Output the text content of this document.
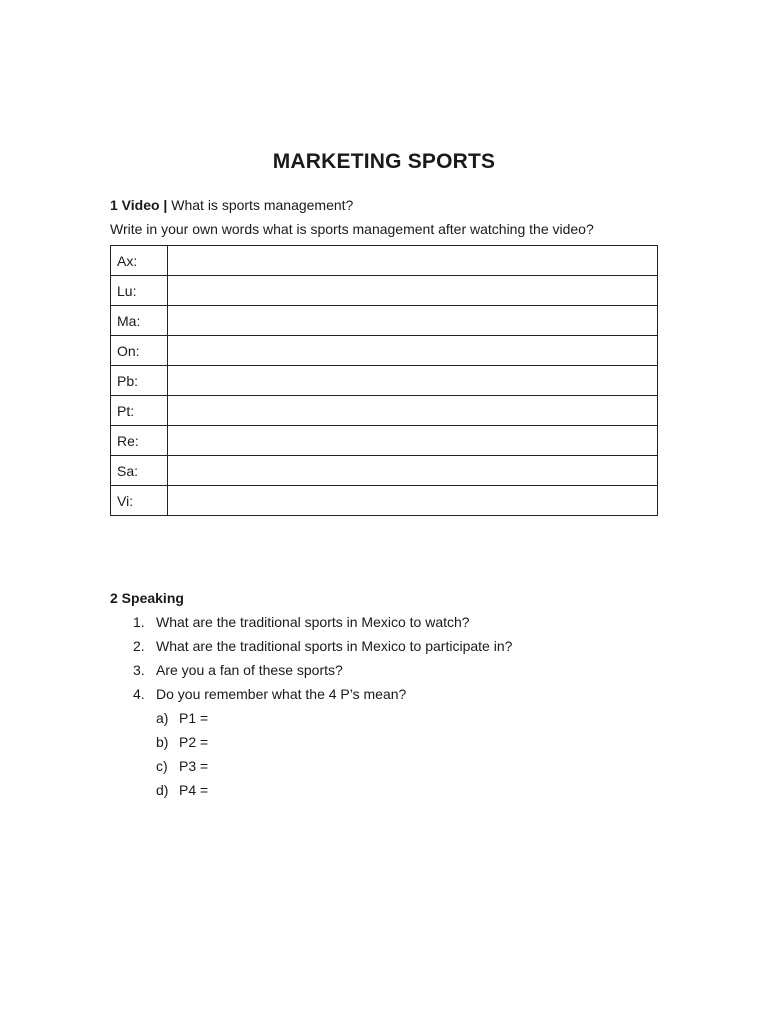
MARKETING SPORTS

1 Video | What is sports management?

Write in your own words what is sports management after watching the video?

Ax:	
Lu:	
Ma:	
On:	
Pb:	
Pt:	
Re:	
Sa:	
Vi:	

2 Speaking

1. What are the traditional sports in Mexico to watch?
2. What are the traditional sports in Mexico to participate in?
3. Are you a fan of these sports?
4. Do you remember what the 4 P’s mean?
a) P1 =
b) P2 =
c) P3 =
d) P4 =
